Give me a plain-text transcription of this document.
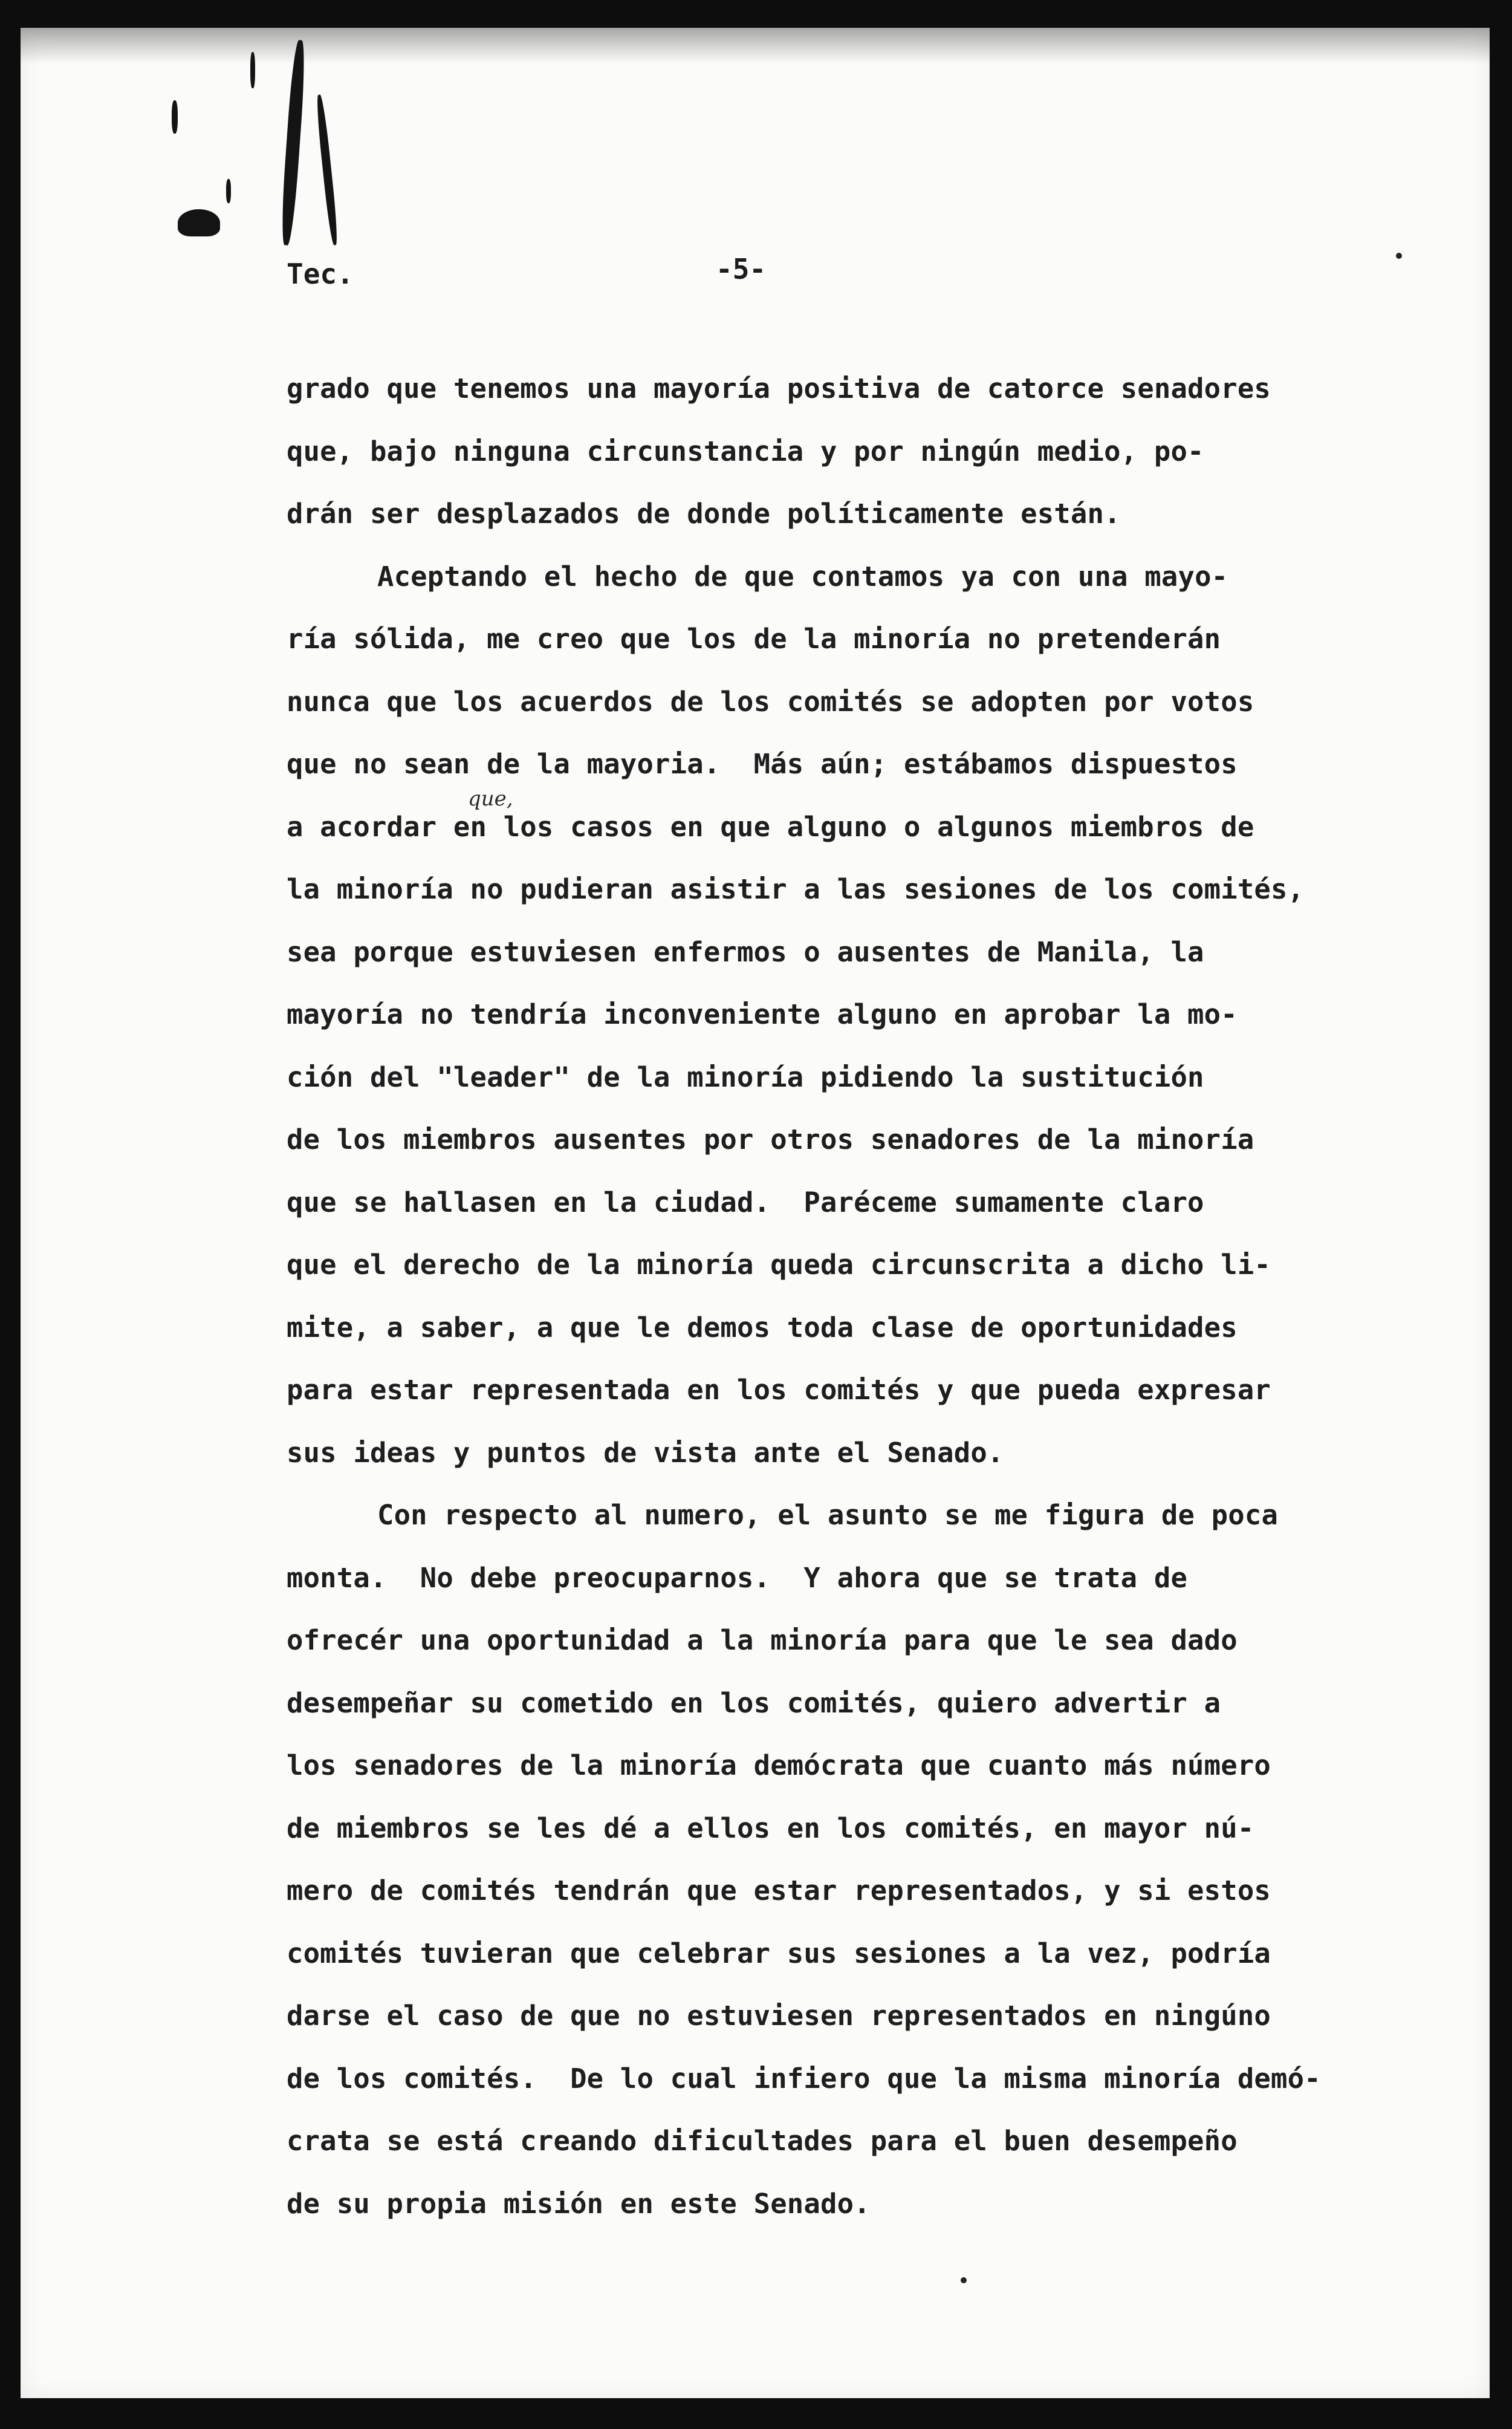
Tec.	-5-
que,
grado que tenemos una mayoría positiva de catorce senadores
que, bajo ninguna circunstancia y por ningún medio, po-
drán ser desplazados de donde políticamente están.
Aceptando el hecho de que contamos ya con una mayo-
ría sólida, me creo que los de la minoría no pretenderán
nunca que los acuerdos de los comités se adopten por votos
que no sean de la mayoria.  Más aún; estábamos dispuestos
a acordar en los casos en que alguno o algunos miembros de
la minoría no pudieran asistir a las sesiones de los comités,
sea porque estuviesen enfermos o ausentes de Manila, la
mayoría no tendría inconveniente alguno en aprobar la mo-
ción del "leader" de la minoría pidiendo la sustitución
de los miembros ausentes por otros senadores de la minoría
que se hallasen en la ciudad.  Paréceme sumamente claro
que el derecho de la minoría queda circunscrita a dicho li-
mite, a saber, a que le demos toda clase de oportunidades
para estar representada en los comités y que pueda expresar
sus ideas y puntos de vista ante el Senado.
Con respecto al numero, el asunto se me figura de poca
monta.  No debe preocuparnos.  Y ahora que se trata de
ofrecér una oportunidad a la minoría para que le sea dado
desempeñar su cometido en los comités, quiero advertir a
los senadores de la minoría demócrata que cuanto más número
de miembros se les dé a ellos en los comités, en mayor nú-
mero de comités tendrán que estar representados, y si estos
comités tuvieran que celebrar sus sesiones a la vez, podría
darse el caso de que no estuviesen representados en ningúno
de los comités.  De lo cual infiero que la misma minoría demó-
crata se está creando dificultades para el buen desempeño
de su propia misión en este Senado.
